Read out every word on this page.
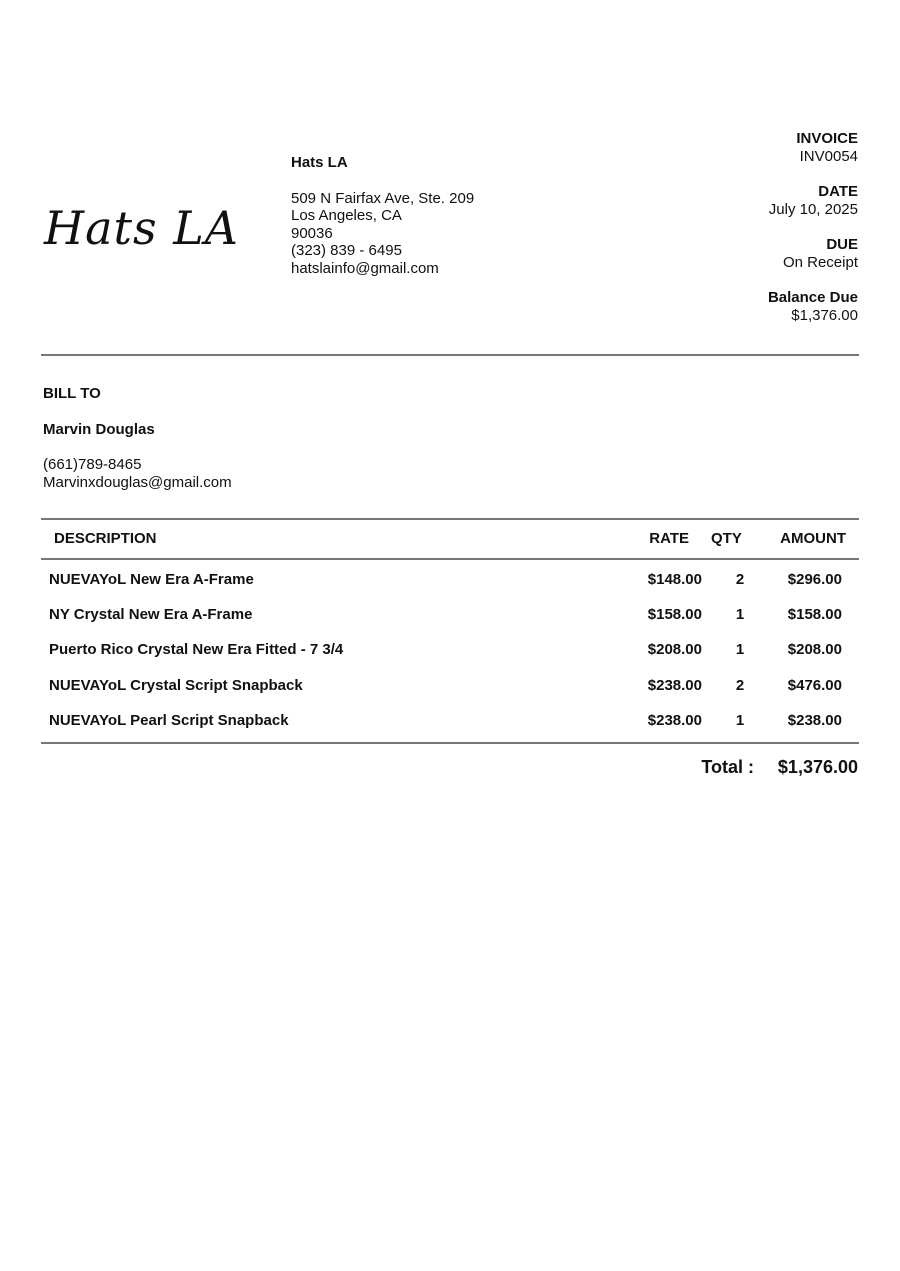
Hats LA
Hats LA
509 N Fairfax Ave, Ste. 209
Los Angeles, CA
90036
(323) 839 - 6495
hatslainfo@gmail.com
INVOICE
INV0054
DATE
July 10, 2025
DUE
On Receipt
Balance Due
$1,376.00
BILL TO
Marvin Douglas
(661)789-8465
Marvinxdouglas@gmail.com
DESCRIPTION	RATE QTY	AMOUNT
NUEVAYoL New Era A-Frame	$148.00	2	$296.00
NY Crystal New Era A-Frame	$158.00	1	$158.00
Puerto Rico Crystal New Era Fitted - 7 3/4	$208.00	1	$208.00
NUEVAYoL Crystal Script Snapback	$238.00	2	$476.00
NUEVAYoL Pearl Script Snapback	$238.00	1	$238.00
Total : $1,376.00
